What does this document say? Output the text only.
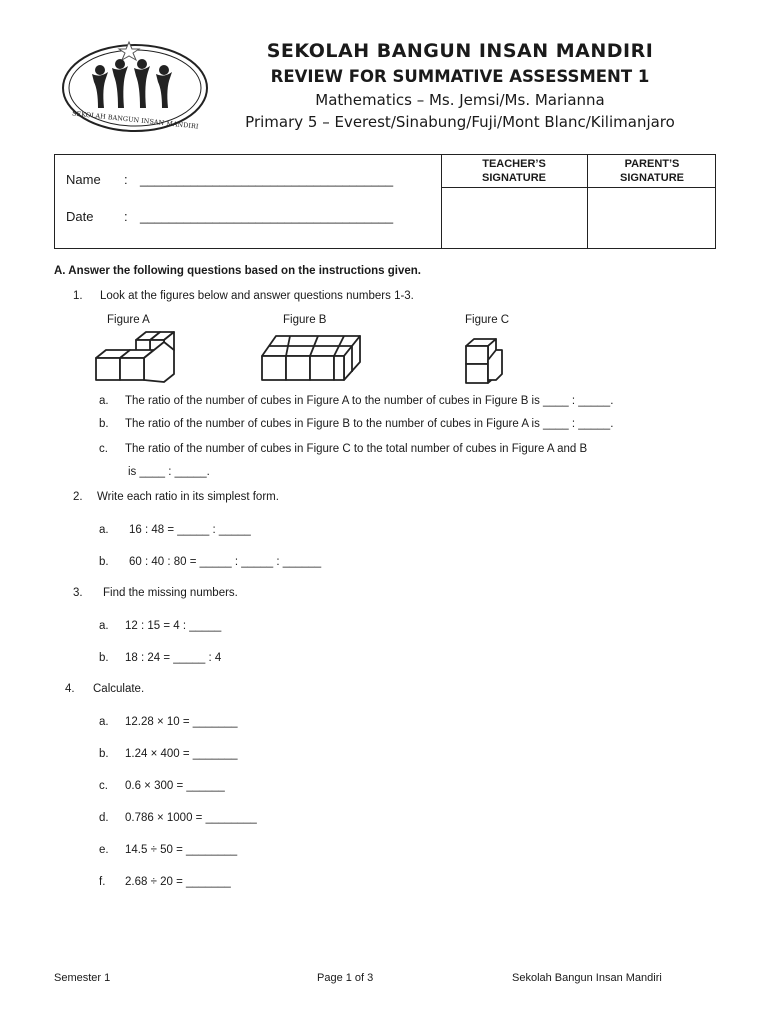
SEKOLAH BANGUN INSAN MANDIRI
SEKOLAH BANGUN INSAN MANDIRI
REVIEW FOR SUMMATIVE ASSESSMENT 1
Mathematics – Ms. Jemsi/Ms. Marianna
Primary 5 – Everest/Sinabung/Fuji/Mont Blanc/Kilimanjaro
Name : ___________________________________
Date : ___________________________________
TEACHER’S
SIGNATURE
PARENT’S
SIGNATURE
A. Answer the following questions based on the instructions given.
1. Look at the figures below and answer questions numbers 1-3.
Figure A	Figure B	Figure C
a. The ratio of the number of cubes in Figure A to the number of cubes in Figure B is ____ : _____.
b. The ratio of the number of cubes in Figure B to the number of cubes in Figure A is ____ : _____.
c. The ratio of the number of cubes in Figure C to the total number of cubes in Figure A and B
is ____ : _____.
2. Write each ratio in its simplest form.
a. 16 : 48 = _____ : _____
b. 60 : 40 : 80 = _____ : _____ : ______
3. Find the missing numbers.
a. 12 : 15 = 4 : _____
b. 18 : 24 = _____ : 4
4. Calculate.
a. 12.28 × 10 = _______
b. 1.24 × 400 = _______
c. 0.6 × 300 = ______
d. 0.786 × 1000 = ________
e. 14.5 ÷ 50 = ________
f. 2.68 ÷ 20 = _______
Semester 1	Page 1 of 3	Sekolah Bangun Insan Mandiri
